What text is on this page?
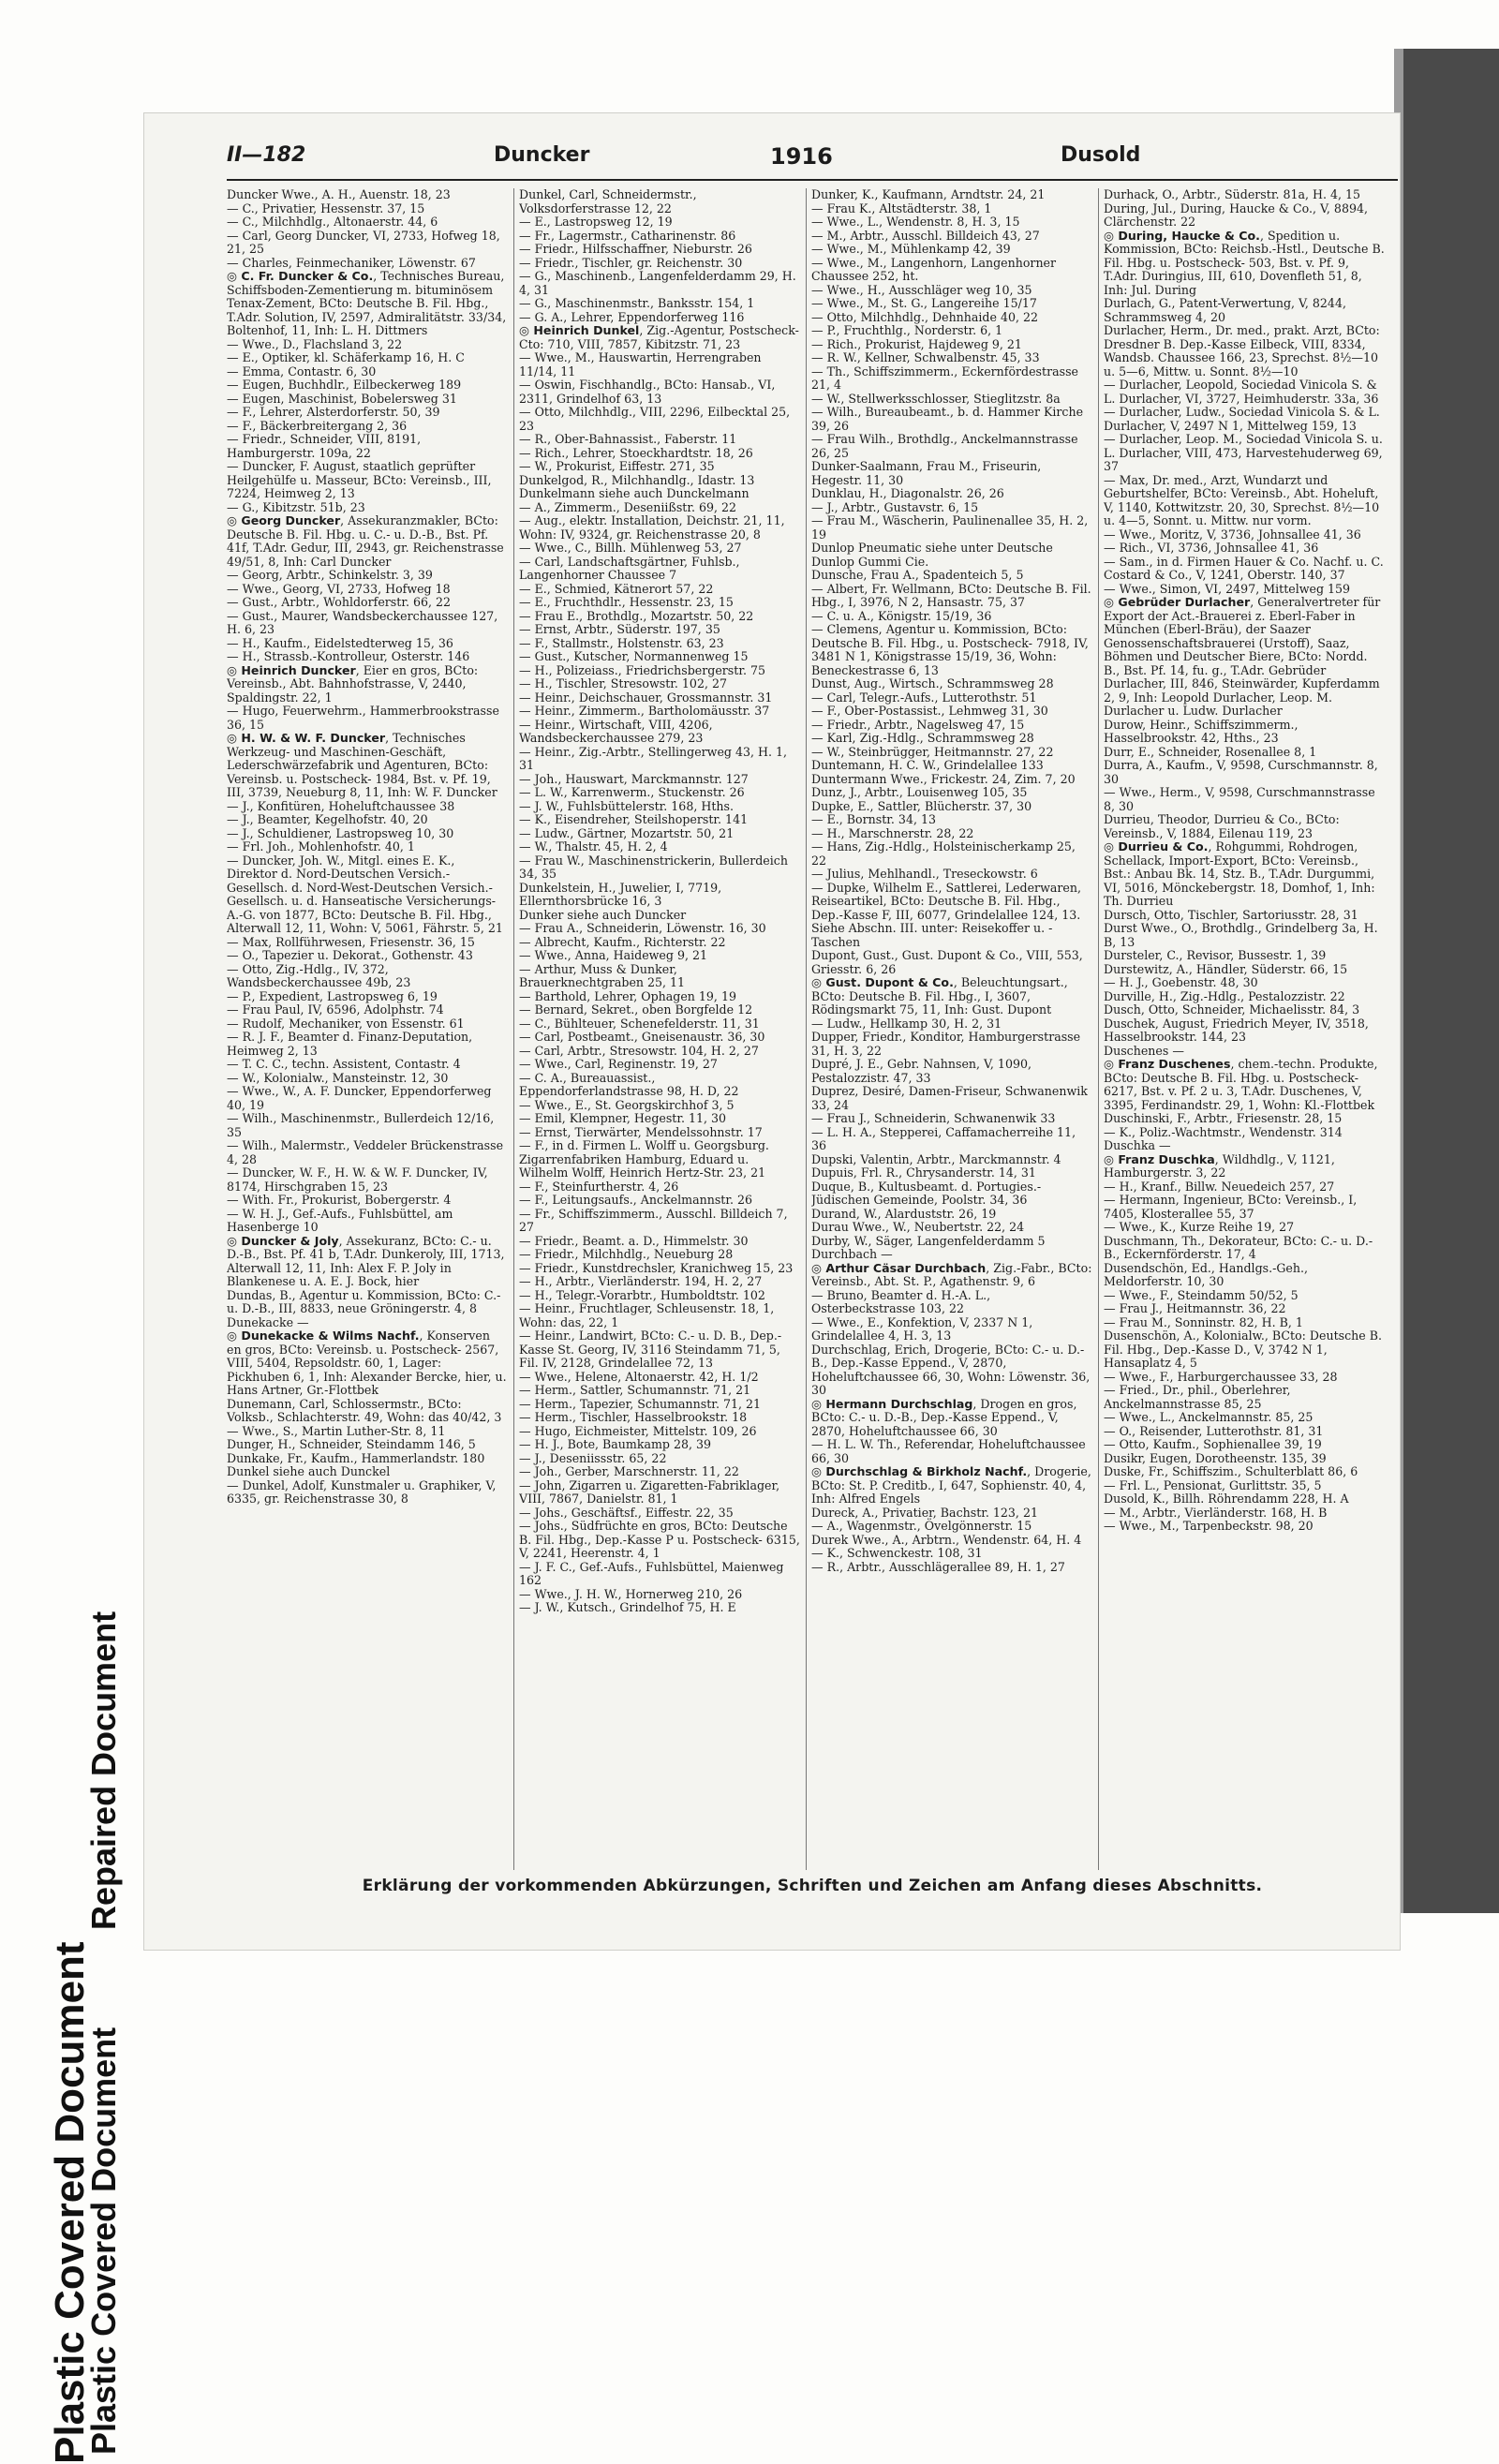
Plastic Covered Document
Repaired Document
Plastic Covered Document
II—182	Duncker	1916	Dusold

Duncker Wwe., A. H., Auenstr. 18, 23

— C., Privatier, Hessenstr. 37, 15

— C., Milchhdlg., Altonaerstr. 44, 6

— Carl, Georg Duncker, VI, 2733, Hofweg 18, 21, 25

— Charles, Feinmechaniker, Löwenstr. 67

◎ C. Fr. Duncker & Co., Technisches Bureau, Schiffsboden-Zementierung m. bituminösem Tenax-Zement, BCto: Deutsche B. Fil. Hbg., T.Adr. Solution, IV, 2597, Admiralitätstr. 33/34, Boltenhof, 11, Inh: L. H. Dittmers

— Wwe., D., Flachsland 3, 22

— E., Optiker, kl. Schäferkamp 16, H. C

— Emma, Contastr. 6, 30

— Eugen, Buchhdlr., Eilbeckerweg 189

— Eugen, Maschinist, Bobelersweg 31

— F., Lehrer, Alsterdorferstr. 50, 39

— F., Bäckerbreitergang 2, 36

— Friedr., Schneider, VIII, 8191, Hamburgerstr. 109a, 22

— Duncker, F. August, staatlich geprüfter Heilgehülfe u. Masseur, BCto: Vereinsb., III, 7224, Heimweg 2, 13

— G., Kibitzstr. 51b, 23

◎ Georg Duncker, Assekuranzmakler, BCto: Deutsche B. Fil. Hbg. u. C.- u. D.-B., Bst. Pf. 41f, T.Adr. Gedur, III, 2943, gr. Reichenstrasse 49/51, 8, Inh: Carl Duncker

— Georg, Arbtr., Schinkelstr. 3, 39

— Wwe., Georg, VI, 2733, Hofweg 18

— Gust., Arbtr., Wohldorferstr. 66, 22

— Gust., Maurer, Wandsbeckerchaussee 127, H. 6, 23

— H., Kaufm., Eidelstedterweg 15, 36

— H., Strassb.-Kontrolleur, Osterstr. 146

◎ Heinrich Duncker, Eier en gros, BCto: Vereinsb., Abt. Bahnhofstrasse, V, 2440, Spaldingstr. 22, 1

— Hugo, Feuerwehrm., Hammerbrookstrasse 36, 15

◎ H. W. & W. F. Duncker, Technisches Werkzeug- und Maschinen-Geschäft, Lederschwärzefabrik und Agenturen, BCto: Vereinsb. u. Postscheck- 1984, Bst. v. Pf. 19, III, 3739, Neueburg 8, 11, Inh: W. F. Duncker

— J., Konfitüren, Hoheluftchaussee 38

— J., Beamter, Kegelhofstr. 40, 20

— J., Schuldiener, Lastropsweg 10, 30

— Frl. Joh., Mohlenhofstr. 40, 1

— Duncker, Joh. W., Mitgl. eines E. K., Direktor d. Nord-Deutschen Versich.-Gesellsch. d. Nord-West-Deutschen Versich.-Gesellsch. u. d. Hanseatische Versicherungs-A.-G. von 1877, BCto: Deutsche B. Fil. Hbg., Alterwall 12, 11, Wohn: V, 5061, Fährstr. 5, 21

— Max, Rollführwesen, Friesenstr. 36, 15

— O., Tapezier u. Dekorat., Gothenstr. 43

— Otto, Zig.-Hdlg., IV, 372, Wandsbeckerchaussee 49b, 23

— P., Expedient, Lastropsweg 6, 19

— Frau Paul, IV, 6596, Adolphstr. 74

— Rudolf, Mechaniker, von Essenstr. 61

— R. J. F., Beamter d. Finanz-Deputation, Heimweg 2, 13

— T. C. C., techn. Assistent, Contastr. 4

— W., Kolonialw., Mansteinstr. 12, 30

— Wwe., W., A. F. Duncker, Eppendorferweg 40, 19

— Wilh., Maschinenmstr., Bullerdeich 12/16, 35

— Wilh., Malermstr., Veddeler Brückenstrasse 4, 28

— Duncker, W. F., H. W. & W. F. Duncker, IV, 8174, Hirschgraben 15, 23

— With. Fr., Prokurist, Bobergerstr. 4

— W. H. J., Gef.-Aufs., Fuhlsbüttel, am Hasenberge 10

◎ Duncker & Joly, Assekuranz, BCto: C.- u. D.-B., Bst. Pf. 41 b, T.Adr. Dunkeroly, III, 1713, Alterwall 12, 11, Inh: Alex F. P. Joly in Blankenese u. A. E. J. Bock, hier

Dundas, B., Agentur u. Kommission, BCto: C.- u. D.-B., III, 8833, neue Gröningerstr. 4, 8

Dunekacke —

◎ Dunekacke & Wilms Nachf., Konserven en gros, BCto: Vereinsb. u. Postscheck- 2567, VIII, 5404, Repsoldstr. 60, 1, Lager: Pickhuben 6, 1, Inh: Alexander Bercke, hier, u. Hans Artner, Gr.-Flottbek

Dunemann, Carl, Schlossermstr., BCto: Volksb., Schlachterstr. 49, Wohn: das 40/42, 3

— Wwe., S., Martin Luther-Str. 8, 11

Dunger, H., Schneider, Steindamm 146, 5

Dunkake, Fr., Kaufm., Hammerlandstr. 180

Dunkel siehe auch Dunckel

— Dunkel, Adolf, Kunstmaler u. Graphiker, V, 6335, gr. Reichenstrasse 30, 8

Dunkel, Carl, Schneidermstr., Volksdorferstrasse 12, 22

— E., Lastropsweg 12, 19

— Fr., Lagermstr., Catharinenstr. 86

— Friedr., Hilfsschaffner, Nieburstr. 26

— Friedr., Tischler, gr. Reichenstr. 30

— G., Maschinenb., Langenfelderdamm 29, H. 4, 31

— G., Maschinenmstr., Banksstr. 154, 1

— G. A., Lehrer, Eppendorferweg 116

◎ Heinrich Dunkel, Zig.-Agentur, Postscheck-Cto: 710, VIII, 7857, Kibitzstr. 71, 23

— Wwe., M., Hauswartin, Herrengraben 11/14, 11

— Oswin, Fischhandlg., BCto: Hansab., VI, 2311, Grindelhof 63, 13

— Otto, Milchhdlg., VIII, 2296, Eilbecktal 25, 23

— R., Ober-Bahnassist., Faberstr. 11

— Rich., Lehrer, Stoeckhardtstr. 18, 26

— W., Prokurist, Eiffestr. 271, 35

Dunkelgod, R., Milchhandlg., Idastr. 13

Dunkelmann siehe auch Dunckelmann

— A., Zimmerm., Deseniißstr. 69, 22

— Aug., elektr. Installation, Deichstr. 21, 11, Wohn: IV, 9324, gr. Reichenstrasse 20, 8

— Wwe., C., Billh. Mühlenweg 53, 27

— Carl, Landschaftsgärtner, Fuhlsb., Langenhorner Chaussee 7

— E., Schmied, Kätnerort 57, 22

— E., Fruchthdlr., Hessenstr. 23, 15

— Frau E., Brothdlg., Mozartstr. 50, 22

— Ernst, Arbtr., Süderstr. 197, 35

— F., Stallmstr., Holstenstr. 63, 23

— Gust., Kutscher, Normannenweg 15

— H., Polizeiass., Friedrichsbergerstr. 75

— H., Tischler, Stresowstr. 102, 27

— Heinr., Deichschauer, Grossmannstr. 31

— Heinr., Zimmerm., Bartholomäusstr. 37

— Heinr., Wirtschaft, VIII, 4206, Wandsbeckerchaussee 279, 23

— Heinr., Zig.-Arbtr., Stellingerweg 43, H. 1, 31

— Joh., Hauswart, Marckmannstr. 127

— L. W., Karrenwerm., Stuckenstr. 26

— J. W., Fuhlsbüttelerstr. 168, Hths.

— K., Eisendreher, Steilshoperstr. 141

— Ludw., Gärtner, Mozartstr. 50, 21

— W., Thalstr. 45, H. 2, 4

— Frau W., Maschinenstrickerin, Bullerdeich 34, 35

Dunkelstein, H., Juwelier, I, 7719, Ellernthorsbrücke 16, 3

Dunker siehe auch Duncker

— Frau A., Schneiderin, Löwenstr. 16, 30

— Albrecht, Kaufm., Richterstr. 22

— Wwe., Anna, Haideweg 9, 21

— Arthur, Muss & Dunker, Brauerknechtgraben 25, 11

— Barthold, Lehrer, Ophagen 19, 19

— Bernard, Sekret., oben Borgfelde 12

— C., Bühlteuer, Schenefelderstr. 11, 31

— Carl, Postbeamt., Gneisenaustr. 36, 30

— Carl, Arbtr., Stresowstr. 104, H. 2, 27

— Wwe., Carl, Reginenstr. 19, 27

— C. A., Bureauassist., Eppendorferlandstrasse 98, H. D, 22

— Wwe., E., St. Georgskirchhof 3, 5

— Emil, Klempner, Hegestr. 11, 30

— Ernst, Tierwärter, Mendelssohnstr. 17

— F., in d. Firmen L. Wolff u. Georgsburg. Zigarrenfabriken Hamburg, Eduard u. Wilhelm Wolff, Heinrich Hertz-Str. 23, 21

— F., Steinfurtherstr. 4, 26

— F., Leitungsaufs., Anckelmannstr. 26

— Fr., Schiffszimmerm., Ausschl. Billdeich 7, 27

— Friedr., Beamt. a. D., Himmelstr. 30

— Friedr., Milchhdlg., Neueburg 28

— Friedr., Kunstdrechsler, Kranichweg 15, 23

— H., Arbtr., Vierländerstr. 194, H. 2, 27

— H., Telegr.-Vorarbtr., Humboldtstr. 102

— Heinr., Fruchtlager, Schleusenstr. 18, 1, Wohn: das, 22, 1

— Heinr., Landwirt, BCto: C.- u. D. B., Dep.-Kasse St. Georg, IV, 3116 Steindamm 71, 5, Fil. IV, 2128, Grindelallee 72, 13

— Wwe., Helene, Altonaerstr. 42, H. 1/2

— Herm., Sattler, Schumannstr. 71, 21

— Herm., Tapezier, Schumannstr. 71, 21

— Herm., Tischler, Hasselbrookstr. 18

— Hugo, Eichmeister, Mittelstr. 109, 26

— H. J., Bote, Baumkamp 28, 39

— J., Deseniissstr. 65, 22

— Joh., Gerber, Marschnerstr. 11, 22

— John, Zigarren u. Zigaretten-Fabriklager, VIII, 7867, Danielstr. 81, 1

— Johs., Geschäftsf., Eiffestr. 22, 35

— Johs., Südfrüchte en gros, BCto: Deutsche B. Fil. Hbg., Dep.-Kasse P u. Postscheck- 6315, V, 2241, Heerenstr. 4, 1

— J. F. C., Gef.-Aufs., Fuhlsbüttel, Maienweg 162

— Wwe., J. H. W., Hornerweg 210, 26

— J. W., Kutsch., Grindelhof 75, H. E

Dunker, K., Kaufmann, Arndtstr. 24, 21

— Frau K., Altstädterstr. 38, 1

— Wwe., L., Wendenstr. 8, H. 3, 15

— M., Arbtr., Ausschl. Billdeich 43, 27

— Wwe., M., Mühlenkamp 42, 39

— Wwe., M., Langenhorn, Langenhorner Chaussee 252, ht.

— Wwe., H., Ausschläger weg 10, 35

— Wwe., M., St. G., Langereihe 15/17

— Otto, Milchhdlg., Dehnhaide 40, 22

— P., Fruchthlg., Norderstr. 6, 1

— Rich., Prokurist, Hajdeweg 9, 21

— R. W., Kellner, Schwalbenstr. 45, 33

— Th., Schiffszimmerm., Eckernfördestrasse 21, 4

— W., Stellwerksschlosser, Stieglitzstr. 8a

— Wilh., Bureaubeamt., b. d. Hammer Kirche 39, 26

— Frau Wilh., Brothdlg., Anckelmannstrasse 26, 25

Dunker-Saalmann, Frau M., Friseurin, Hegestr. 11, 30

Dunklau, H., Diagonalstr. 26, 26

— J., Arbtr., Gustavstr. 6, 15

— Frau M., Wäscherin, Paulinenallee 35, H. 2, 19

Dunlop Pneumatic siehe unter Deutsche Dunlop Gummi Cie.

Dunsche, Frau A., Spadenteich 5, 5

— Albert, Fr. Wellmann, BCto: Deutsche B. Fil. Hbg., I, 3976, N 2, Hansastr. 75, 37

— C. u. A., Königstr. 15/19, 36

— Clemens, Agentur u. Kommission, BCto: Deutsche B. Fil. Hbg., u. Postscheck- 7918, IV, 3481 N 1, Königstrasse 15/19, 36, Wohn: Beneckestrasse 6, 13

Dunst, Aug., Wirtsch., Schrammsweg 28

— Carl, Telegr.-Aufs., Lutterothstr. 51

— F., Ober-Postassist., Lehmweg 31, 30

— Friedr., Arbtr., Nagelsweg 47, 15

— Karl, Zig.-Hdlg., Schrammsweg 28

— W., Steinbrügger, Heitmannstr. 27, 22

Duntemann, H. C. W., Grindelallee 133

Duntermann Wwe., Frickestr. 24, Zim. 7, 20

Dunz, J., Arbtr., Louisenweg 105, 35

Dupke, E., Sattler, Blücherstr. 37, 30

— E., Bornstr. 34, 13

— H., Marschnerstr. 28, 22

— Hans, Zig.-Hdlg., Holsteinischerkamp 25, 22

— Julius, Mehlhandl., Treseckowstr. 6

— Dupke, Wilhelm E., Sattlerei, Lederwaren, Reiseartikel, BCto: Deutsche B. Fil. Hbg., Dep.-Kasse F, III, 6077, Grindelallee 124, 13. Siehe Abschn. III. unter: Reisekoffer u. -Taschen

Dupont, Gust., Gust. Dupont & Co., VIII, 553, Griesstr. 6, 26

◎ Gust. Dupont & Co., Beleuchtungsart., BCto: Deutsche B. Fil. Hbg., I, 3607, Rödingsmarkt 75, 11, Inh: Gust. Dupont

— Ludw., Hellkamp 30, H. 2, 31

Dupper, Friedr., Konditor, Hamburgerstrasse 31, H. 3, 22

Dupré, J. E., Gebr. Nahnsen, V, 1090, Pestalozzistr. 47, 33

Duprez, Desiré, Damen-Friseur, Schwanenwik 33, 24

— Frau J., Schneiderin, Schwanenwik 33

— L. H. A., Stepperei, Caffamacherreihe 11, 36

Dupski, Valentin, Arbtr., Marckmannstr. 4

Dupuis, Frl. R., Chrysanderstr. 14, 31

Duque, B., Kultusbeamt. d. Portugies.-Jüdischen Gemeinde, Poolstr. 34, 36

Durand, W., Alarduststr. 26, 19

Durau Wwe., W., Neubertstr. 22, 24

Durby, W., Säger, Langenfelderdamm 5

Durchbach —

◎ Arthur Cäsar Durchbach, Zig.-Fabr., BCto: Vereinsb., Abt. St. P., Agathenstr. 9, 6

— Bruno, Beamter d. H.-A. L., Osterbeckstrasse 103, 22

— Wwe., E., Konfektion, V, 2337 N 1, Grindelallee 4, H. 3, 13

Durchschlag, Erich, Drogerie, BCto: C.- u. D.-B., Dep.-Kasse Eppend., V, 2870, Hoheluftchaussee 66, 30, Wohn: Löwenstr. 36, 30

◎ Hermann Durchschlag, Drogen en gros, BCto: C.- u. D.-B., Dep.-Kasse Eppend., V, 2870, Hoheluftchaussee 66, 30

— H. L. W. Th., Referendar, Hoheluftchaussee 66, 30

◎ Durchschlag & Birkholz Nachf., Drogerie, BCto: St. P. Creditb., I, 647, Sophienstr. 40, 4, Inh: Alfred Engels

Dureck, A., Privatier, Bachstr. 123, 21

— A., Wagenmstr., Övelgönnerstr. 15

Durek Wwe., A., Arbtrn., Wendenstr. 64, H. 4

— K., Schwenckestr. 108, 31

— R., Arbtr., Ausschlägerallee 89, H. 1, 27

Durhack, O., Arbtr., Süderstr. 81a, H. 4, 15

During, Jul., During, Haucke & Co., V, 8894, Clärchenstr. 22

◎ During, Haucke & Co., Spedition u. Kommission, BCto: Reichsb.-Hstl., Deutsche B. Fil. Hbg. u. Postscheck- 503, Bst. v. Pf. 9, T.Adr. Duringius, III, 610, Dovenfleth 51, 8, Inh: Jul. During

Durlach, G., Patent-Verwertung, V, 8244, Schrammsweg 4, 20

Durlacher, Herm., Dr. med., prakt. Arzt, BCto: Dresdner B. Dep.-Kasse Eilbeck, VIII, 8334, Wandsb. Chaussee 166, 23, Sprechst. 8½—10 u. 5—6, Mittw. u. Sonnt. 8½—10

— Durlacher, Leopold, Sociedad Vinicola S. & L. Durlacher, VI, 3727, Heimhuderstr. 33a, 36

— Durlacher, Ludw., Sociedad Vinicola S. & L. Durlacher, V, 2497 N 1, Mittelweg 159, 13

— Durlacher, Leop. M., Sociedad Vinicola S. u. L. Durlacher, VIII, 473, Harvestehuderweg 69, 37

— Max, Dr. med., Arzt, Wundarzt und Geburtshelfer, BCto: Vereinsb., Abt. Hoheluft, V, 1140, Kottwitzstr. 20, 30, Sprechst. 8½—10 u. 4—5, Sonnt. u. Mittw. nur vorm.

— Wwe., Moritz, V, 3736, Johnsallee 41, 36

— Rich., VI, 3736, Johnsallee 41, 36

— Sam., in d. Firmen Hauer & Co. Nachf. u. C. Costard & Co., V, 1241, Oberstr. 140, 37

— Wwe., Simon, VI, 2497, Mittelweg 159

◎ Gebrüder Durlacher, Generalvertreter für Export der Act.-Brauerei z. Eberl-Faber in München (Eberl-Bräu), der Saazer Genossenschaftsbrauerei (Urstoff), Saaz, Böhmen und Deutscher Biere, BCto: Nordd. B., Bst. Pf. 14, fu. g., T.Adr. Gebrüder Durlacher, III, 846, Steinwärder, Kupferdamm 2, 9, Inh: Leopold Durlacher, Leop. M. Durlacher u. Ludw. Durlacher

Durow, Heinr., Schiffszimmerm., Hasselbrookstr. 42, Hths., 23

Durr, E., Schneider, Rosenallee 8, 1

Durra, A., Kaufm., V, 9598, Curschmannstr. 8, 30

— Wwe., Herm., V, 9598, Curschmannstrasse 8, 30

Durrieu, Theodor, Durrieu & Co., BCto: Vereinsb., V, 1884, Eilenau 119, 23

◎ Durrieu & Co., Rohgummi, Rohdrogen, Schellack, Import-Export, BCto: Vereinsb., Bst.: Anbau Bk. 14, Stz. B., T.Adr. Durgummi, VI, 5016, Mönckebergstr. 18, Domhof, 1, Inh: Th. Durrieu

Dursch, Otto, Tischler, Sartoriusstr. 28, 31

Durst Wwe., O., Brothdlg., Grindelberg 3a, H. B, 13

Dursteler, C., Revisor, Bussestr. 1, 39

Durstewitz, A., Händler, Süderstr. 66, 15

— H. J., Goebenstr. 48, 30

Durville, H., Zig.-Hdlg., Pestalozzistr. 22

Dusch, Otto, Schneider, Michaelisstr. 84, 3

Duschek, August, Friedrich Meyer, IV, 3518, Hasselbrookstr. 144, 23

Duschenes —

◎ Franz Duschenes, chem.-techn. Produkte, BCto: Deutsche B. Fil. Hbg. u. Postscheck- 6217, Bst. v. Pf. 2 u. 3, T.Adr. Duschenes, V, 3395, Ferdinandstr. 29, 1, Wohn: Kl.-Flottbek

Duschinski, F., Arbtr., Friesenstr. 28, 15

— K., Poliz.-Wachtmstr., Wendenstr. 314

Duschka —

◎ Franz Duschka, Wildhdlg., V, 1121, Hamburgerstr. 3, 22

— H., Kranf., Billw. Neuedeich 257, 27

— Hermann, Ingenieur, BCto: Vereinsb., I, 7405, Klosterallee 55, 37

— Wwe., K., Kurze Reihe 19, 27

Duschmann, Th., Dekorateur, BCto: C.- u. D.-B., Eckernförderstr. 17, 4

Dusendschön, Ed., Handlgs.-Geh., Meldorferstr. 10, 30

— Wwe., F., Steindamm 50/52, 5

— Frau J., Heitmannstr. 36, 22

— Frau M., Sonninstr. 82, H. B, 1

Dusenschön, A., Kolonialw., BCto: Deutsche B. Fil. Hbg., Dep.-Kasse D., V, 3742 N 1, Hansaplatz 4, 5

— Wwe., F., Harburgerchaussee 33, 28

— Fried., Dr., phil., Oberlehrer, Anckelmannstrasse 85, 25

— Wwe., L., Anckelmannstr. 85, 25

— O., Reisender, Lutterothstr. 81, 31

— Otto, Kaufm., Sophienallee 39, 19

Dusikr, Eugen, Dorotheenstr. 135, 39

Duske, Fr., Schiffszim., Schulterblatt 86, 6

— Frl. L., Pensionat, Gurlittstr. 35, 5

Dusold, K., Billh. Röhrendamm 228, H. A

— M., Arbtr., Vierländerstr. 168, H. B

— Wwe., M., Tarpenbeckstr. 98, 20

Erklärung der vorkommenden Abkürzungen, Schriften und Zeichen am Anfang dieses Abschnitts.
